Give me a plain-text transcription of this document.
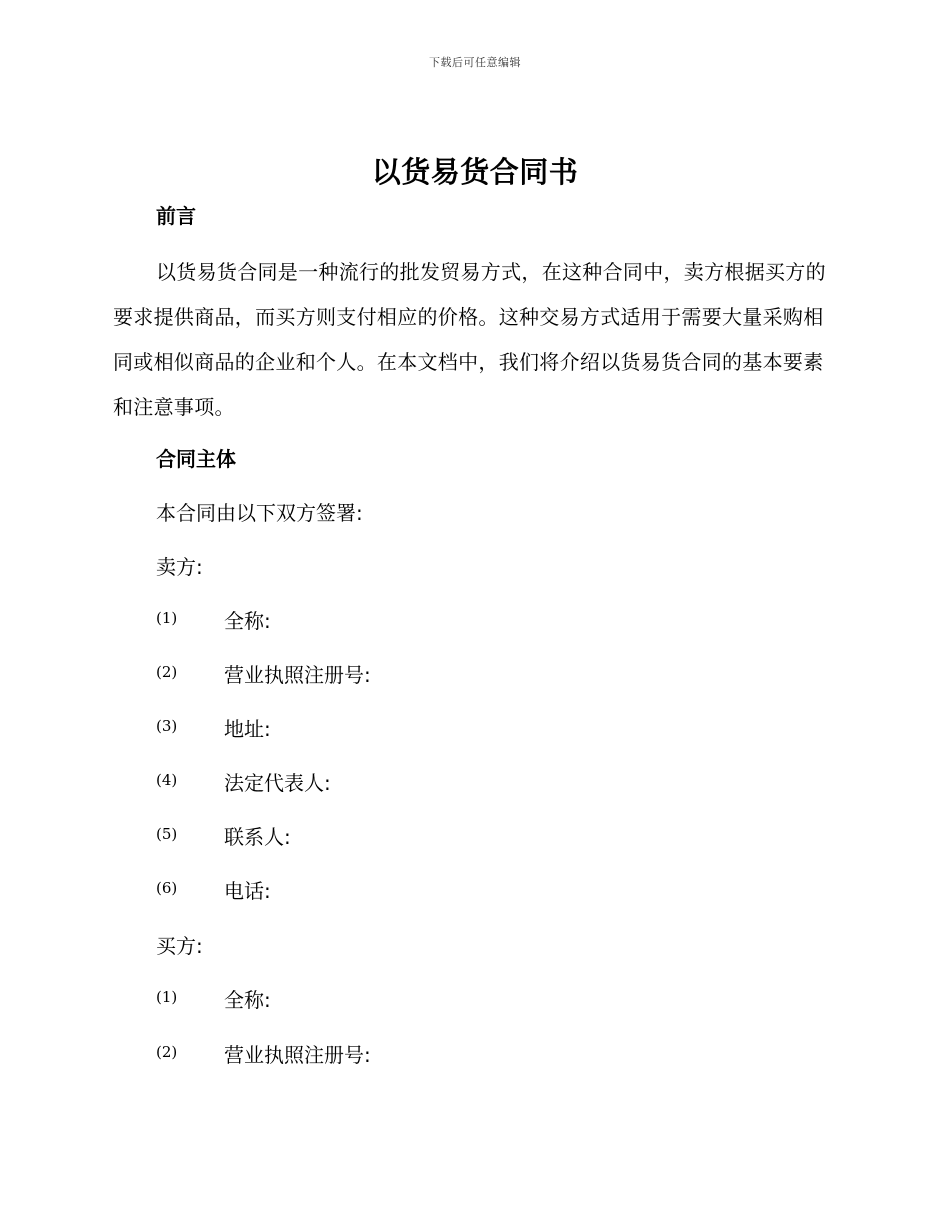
下载后可任意编辑
以货易货合同书
前言
以货易货合同是一种流行的批发贸易方式，在这种合同中，卖方根据买方的要求提供商品，而买方则支付相应的价格。这种交易方式适用于需要大量采购相同或相似商品的企业和个人。在本文档中，我们将介绍以货易货合同的基本要素和注意事项。
合同主体
本合同由以下双方签署:
卖方:
(1) 全称:
(2) 营业执照注册号:
(3) 地址:
(4) 法定代表人:
(5) 联系人:
(6) 电话:
买方:
(1) 全称:
(2) 营业执照注册号:
